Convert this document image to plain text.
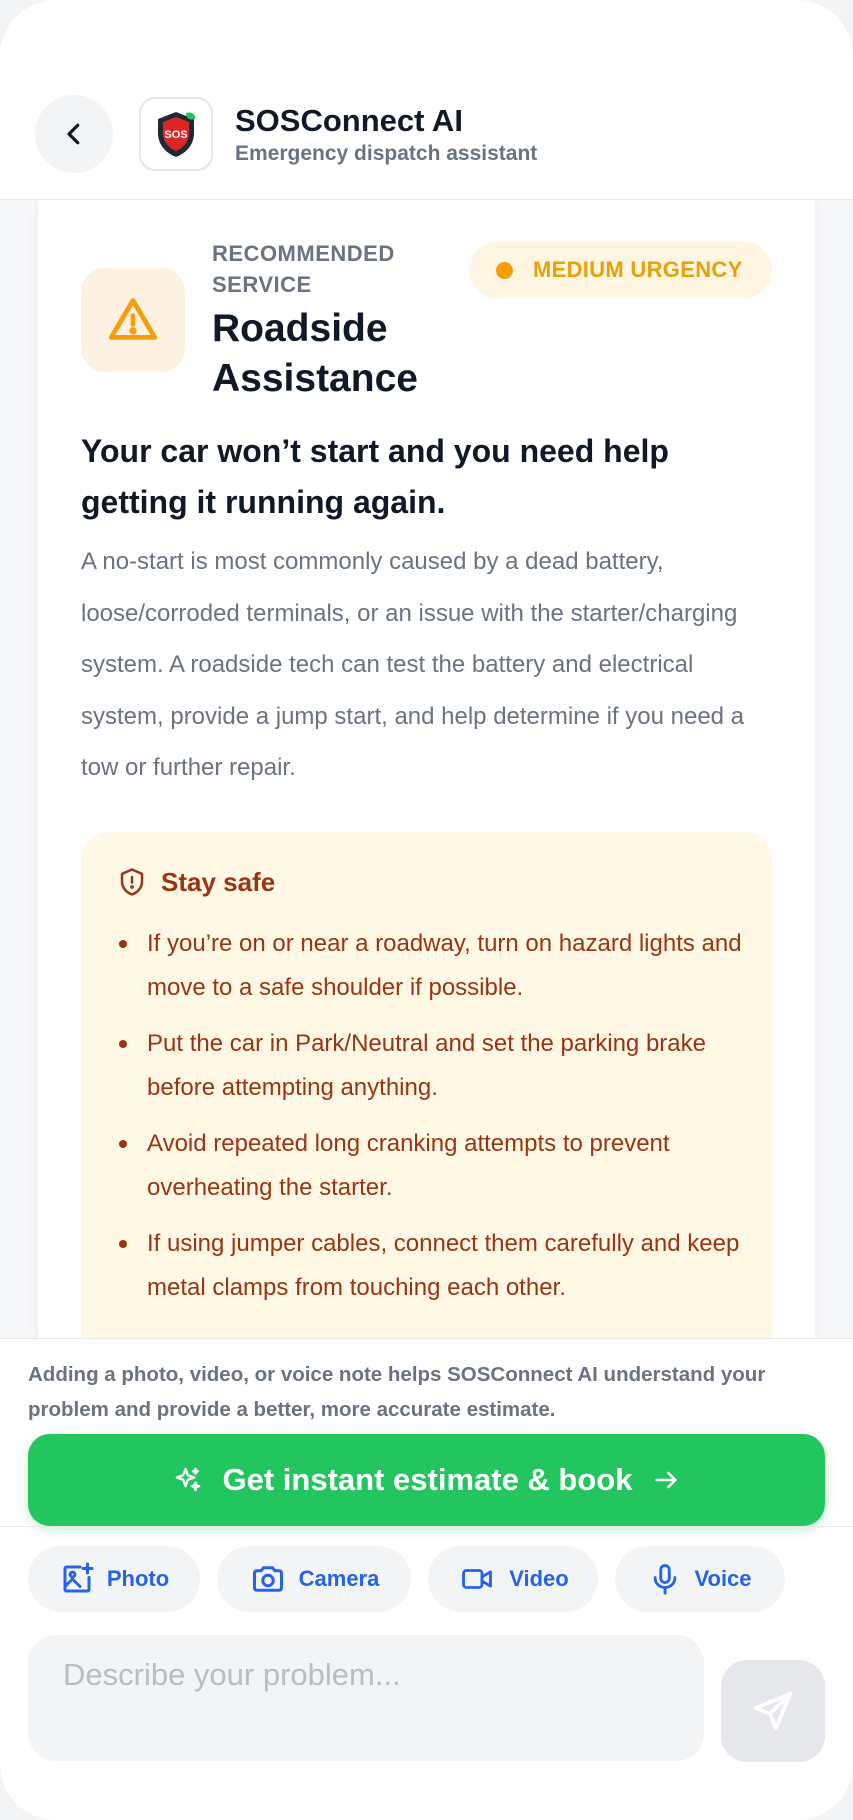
SOS SOSConnect AI
Emergency dispatch assistant
RECOMMENDED SERVICE
Roadside Assistance
MEDIUM URGENCY
Your car won’t start and you need help getting it running again.
A no-start is most commonly caused by a dead battery, loose/corroded terminals, or an issue with the starter/charging system. A roadside tech can test the battery and electrical system, provide a jump start, and help determine if you need a tow or further repair.
Stay safe
If you’re on or near a roadway, turn on hazard lights and move to a safe shoulder if possible.
Put the car in Park/Neutral and set the parking brake before attempting anything.
Avoid repeated long cranking attempts to prevent overheating the starter.
If using jumper cables, connect them carefully and keep metal clamps from touching each other.
Adding a photo, video, or voice note helps SOSConnect AI understand your problem and provide a better, more accurate estimate.
Get instant estimate & book
Photo	Camera	Video	Voice
Describe your problem...
